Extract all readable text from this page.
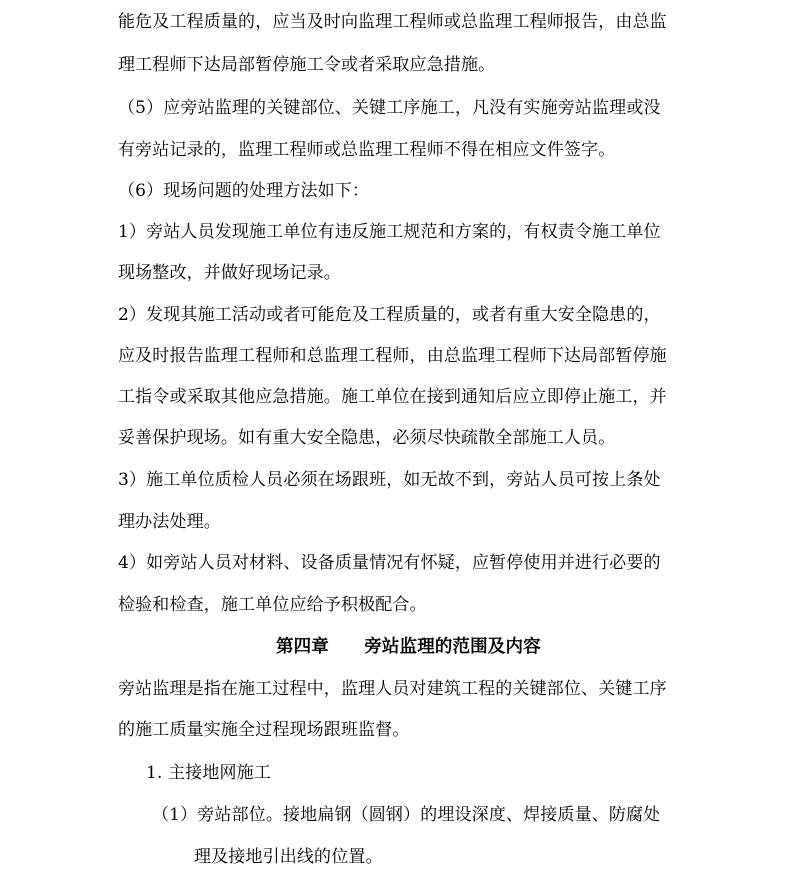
能危及工程质量的，应当及时向监理工程师或总监理工程师报告，由总监
理工程师下达局部暂停施工令或者采取应急措施。
（5）应旁站监理的关键部位、关键工序施工，凡没有实施旁站监理或没
有旁站记录的，监理工程师或总监理工程师不得在相应文件签字。
（6）现场问题的处理方法如下：
1）旁站人员发现施工单位有违反施工规范和方案的，有权责令施工单位
现场整改，并做好现场记录。
2）发现其施工活动或者可能危及工程质量的，或者有重大安全隐患的，
应及时报告监理工程师和总监理工程师，由总监理工程师下达局部暂停施
工指令或采取其他应急措施。施工单位在接到通知后应立即停止施工，并
妥善保护现场。如有重大安全隐患，必须尽快疏散全部施工人员。
3）施工单位质检人员必须在场跟班，如无故不到，旁站人员可按上条处
理办法处理。
4）如旁站人员对材料、设备质量情况有怀疑，应暂停使用并进行必要的
检验和检查，施工单位应给予积极配合。
第四章　　旁站监理的范围及内容
旁站监理是指在施工过程中，监理人员对建筑工程的关键部位、关键工序
的施工质量实施全过程现场跟班监督。
1. 主接地网施工
（1）旁站部位。接地扁钢（圆钢）的埋设深度、焊接质量、防腐处
理及接地引出线的位置。
